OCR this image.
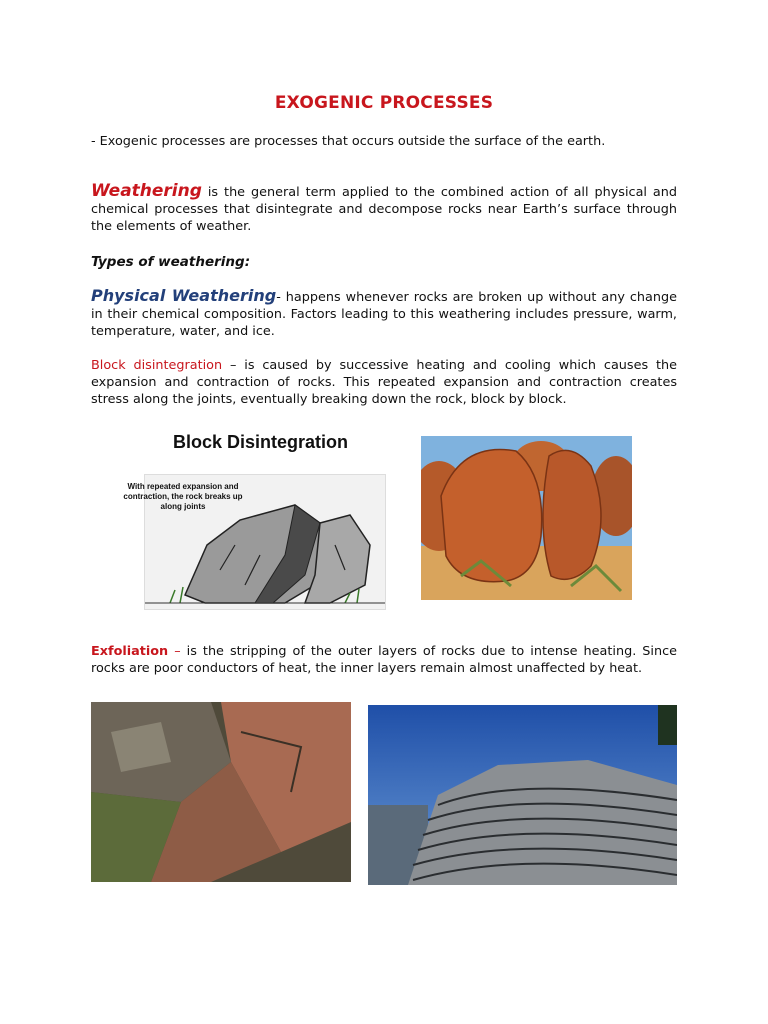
EXOGENIC PROCESSES
- Exogenic processes are processes that occurs outside the surface of the earth.
Weathering is the general term applied to the combined action of all physical and chemical processes that disintegrate and decompose rocks near Earth’s surface through the elements of weather.
Types of weathering:
Physical Weathering- happens whenever rocks are broken up without any change in their chemical composition. Factors leading to this weathering includes pressure, warm, temperature, water, and ice.
Block disintegration – is caused by successive heating and cooling which causes the expansion and contraction of rocks. This repeated expansion and contraction creates stress along the joints, eventually breaking down the rock, block by block.
Block Disintegration
With repeated expansion and contraction, the rock breaks up along joints
Exfoliation – is the stripping of the outer layers of rocks due to intense heating. Since rocks are poor conductors of heat, the inner layers remain almost unaffected by heat.
